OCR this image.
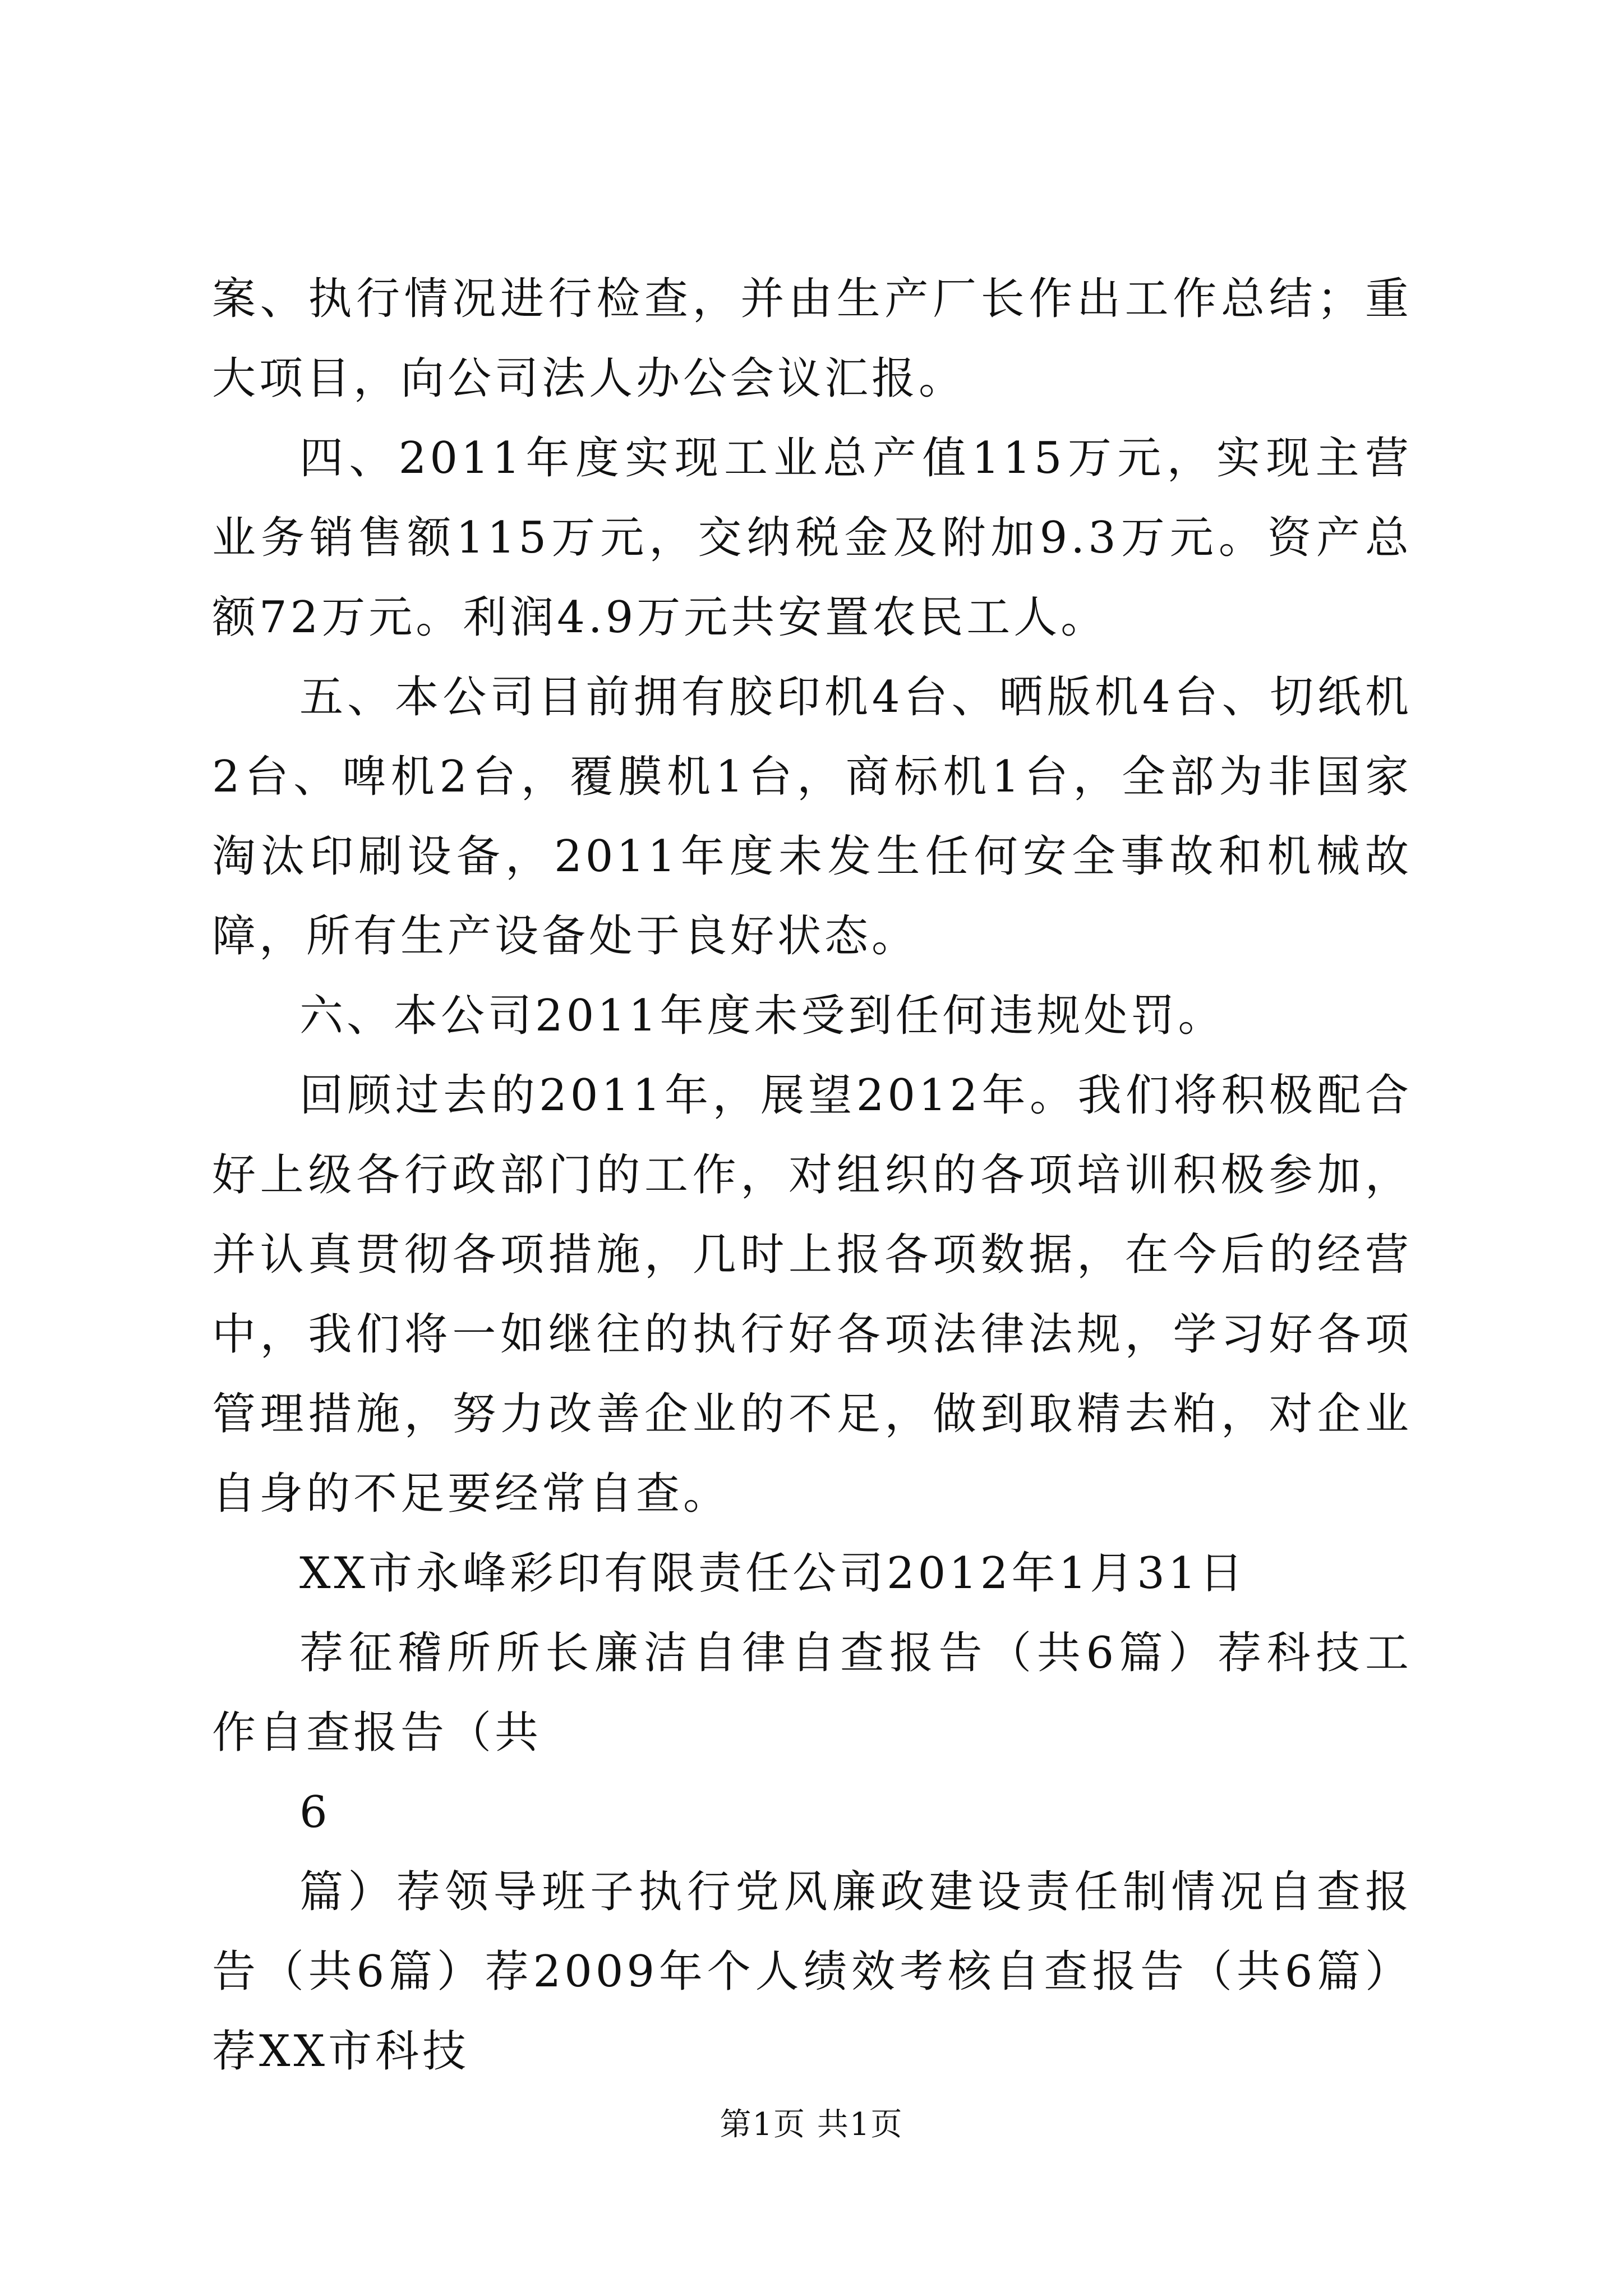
案、执行情况进行检查，并由生产厂长作出工作总结；重大项目，向公司法人办公会议汇报。

四、2011年度实现工业总产值115万元，实现主营业务销售额115万元，交纳税金及附加9.3万元。资产总额72万元。利润4.9万元共安置农民工人。

五、本公司目前拥有胶印机4台、晒版机4台、切纸机2台、啤机2台，覆膜机1台，商标机1台，全部为非国家淘汰印刷设备，2011年度未发生任何安全事故和机械故障，所有生产设备处于良好状态。

六、本公司2011年度未受到任何违规处罚。

回顾过去的2011年，展望2012年。我们将积极配合好上级各行政部门的工作，对组织的各项培训积极参加，并认真贯彻各项措施，几时上报各项数据，在今后的经营中，我们将一如继往的执行好各项法律法规，学习好各项管理措施，努力改善企业的不足，做到取精去粕，对企业自身的不足要经常自查。

XX市永峰彩印有限责任公司2012年1月31日

荐征稽所所长廉洁自律自查报告（共6篇）荐科技工作自查报告（共

6

篇）荐领导班子执行党风廉政建设责任制情况自查报告（共6篇）荐2009年个人绩效考核自查报告（共6篇）荐XX市科技

第1页 共1页
